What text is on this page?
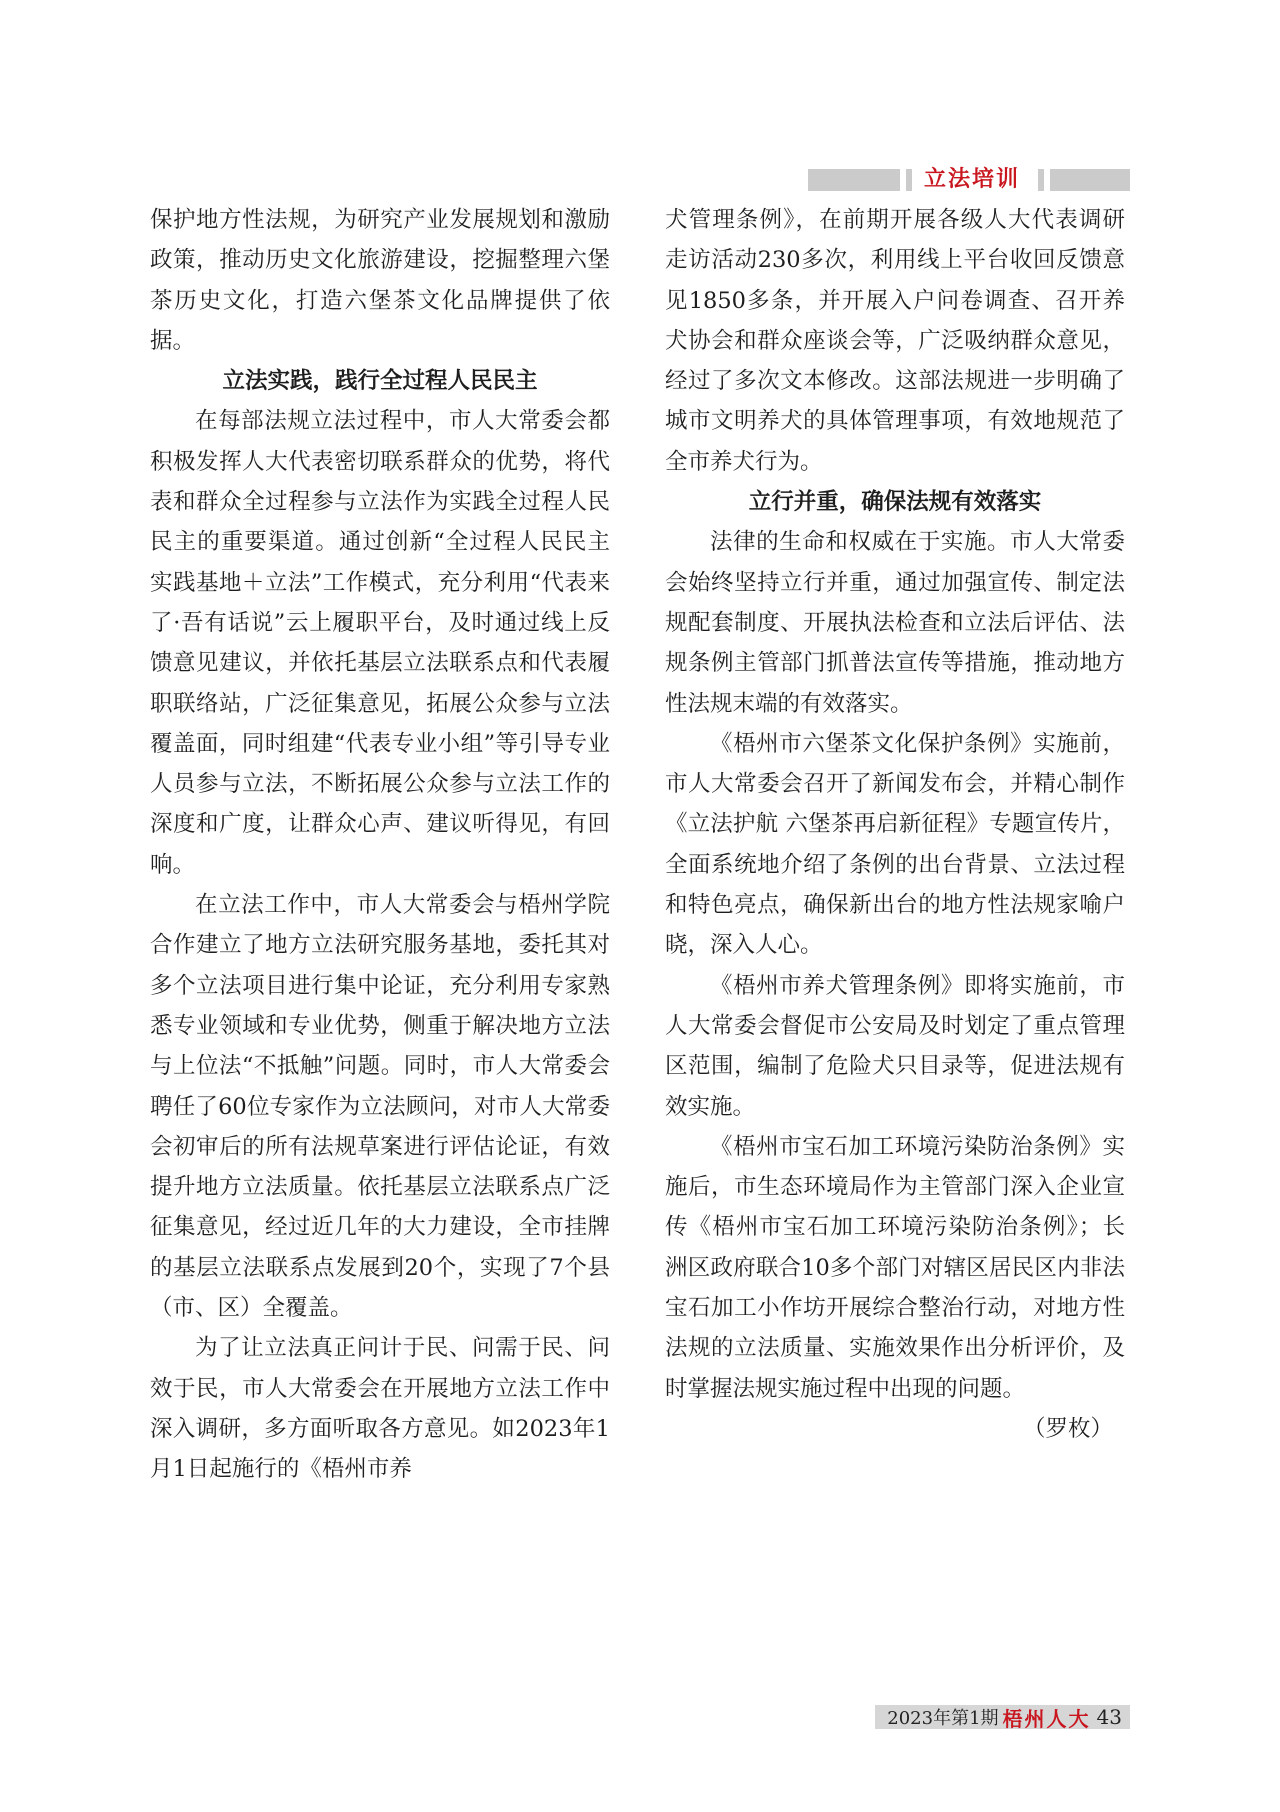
立法培训

保护地方性法规，为研究产业发展规划和激励政策，推动历史文化旅游建设，挖掘整理六堡茶历史文化，打造六堡茶文化品牌提供了依据。

立法实践，践行全过程人民民主

在每部法规立法过程中，市人大常委会都积极发挥人大代表密切联系群众的优势，将代表和群众全过程参与立法作为实践全过程人民民主的重要渠道。通过创新“全过程人民民主实践基地＋立法”工作模式，充分利用“代表来了·吾有话说”云上履职平台，及时通过线上反馈意见建议，并依托基层立法联系点和代表履职联络站，广泛征集意见，拓展公众参与立法覆盖面，同时组建“代表专业小组”等引导专业人员参与立法，不断拓展公众参与立法工作的深度和广度，让群众心声、建议听得见，有回响。

在立法工作中，市人大常委会与梧州学院合作建立了地方立法研究服务基地，委托其对多个立法项目进行集中论证，充分利用专家熟悉专业领域和专业优势，侧重于解决地方立法与上位法“不抵触”问题。同时，市人大常委会聘任了60位专家作为立法顾问，对市人大常委会初审后的所有法规草案进行评估论证，有效提升地方立法质量。依托基层立法联系点广泛征集意见，经过近几年的大力建设，全市挂牌的基层立法联系点发展到20个，实现了7个县（市、区）全覆盖。

为了让立法真正问计于民、问需于民、问效于民，市人大常委会在开展地方立法工作中深入调研，多方面听取各方意见。如2023年1月1日起施行的《梧州市养

犬管理条例》，在前期开展各级人大代表调研走访活动230多次，利用线上平台收回反馈意见1850多条，并开展入户问卷调查、召开养犬协会和群众座谈会等，广泛吸纳群众意见，经过了多次文本修改。这部法规进一步明确了城市文明养犬的具体管理事项，有效地规范了全市养犬行为。

立行并重，确保法规有效落实

法律的生命和权威在于实施。市人大常委会始终坚持立行并重，通过加强宣传、制定法规配套制度、开展执法检查和立法后评估、法规条例主管部门抓普法宣传等措施，推动地方性法规末端的有效落实。

《梧州市六堡茶文化保护条例》实施前，市人大常委会召开了新闻发布会，并精心制作《立法护航 六堡茶再启新征程》专题宣传片，全面系统地介绍了条例的出台背景、立法过程和特色亮点，确保新出台的地方性法规家喻户晓，深入人心。

《梧州市养犬管理条例》即将实施前，市人大常委会督促市公安局及时划定了重点管理区范围，编制了危险犬只目录等，促进法规有效实施。

《梧州市宝石加工环境污染防治条例》实施后，市生态环境局作为主管部门深入企业宣传《梧州市宝石加工环境污染防治条例》；长洲区政府联合10多个部门对辖区居民区内非法宝石加工小作坊开展综合整治行动，对地方性法规的立法质量、实施效果作出分析评价，及时掌握法规实施过程中出现的问题。

（罗枚）

2023年第1期 梧州人大 43
